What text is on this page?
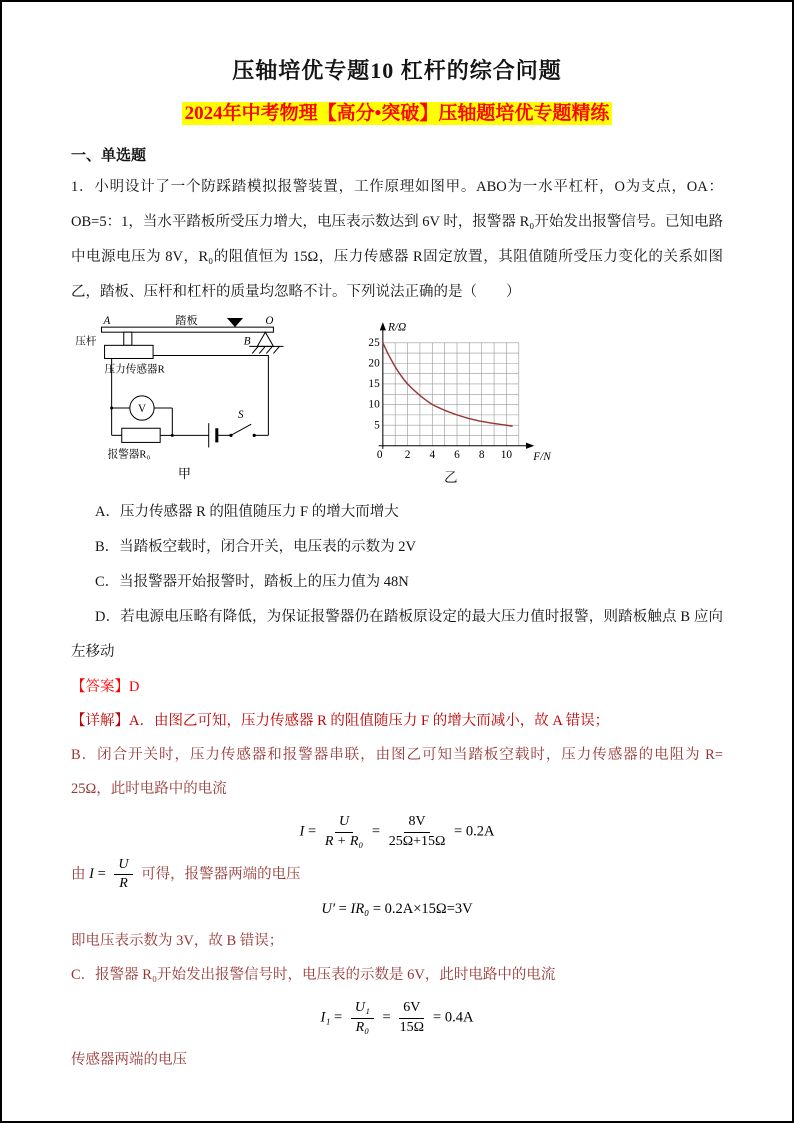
压轴培优专题10 杠杆的综合问题
2024年中考物理【高分•突破】压轴题培优专题精练
一、单选题

1．小明设计了一个防踩踏模拟报警装置，工作原理如图甲。ABO为一水平杠杆，O为支点，OA：OB=5：1，当水平踏板所受压力增大，电压表示数达到 6V 时，报警器 R₀开始发出报警信号。已知电路中电源电压为 8V，R₀的阻值恒为 15Ω，压力传感器 R固定放置，其阻值随所受压力变化的关系如图乙，踏板、压杆和杠杆的质量均忽略不计。下列说法正确的是（　　）

A	踏板	O
B
压杆
压力传感器R
V
S
报警器R₀
甲
R/Ω
F/N
25
20
15
10
5
0 2 4 6 8 10
乙

A．压力传感器 R 的阻值随压力 F 的增大而增大

B．当踏板空载时，闭合开关，电压表的示数为 2V

C．当报警器开始报警时，踏板上的压力值为 48N

D．若电源电压略有降低，为保证报警器仍在踏板原设定的最大压力值时报警，则踏板触点 B 应向左移动

【答案】D

【详解】A．由图乙可知，压力传感器 R 的阻值随压力 F 的增大而减小，故 A 错误；

B．闭合开关时，压力传感器和报警器串联，由图乙可知当踏板空载时，压力传感器的电阻为 R= 25Ω，此时电路中的电流

$I = \frac{U}{\text{R + R₀}} = \frac{8V}{25\Omega+15\Omega} = 0.2A$

由 $I = \frac{U}{R}$ 可得，报警器两端的电压

U′ = IR₀ = 0.2A×15Ω=3V

即电压表示数为 3V，故 B 错误；

C．报警器 R₀开始发出报警信号时，电压表的示数是 6V，此时电路中的电流

$I_1 = \frac{\text{U₁}}{\text{R₀}} = \frac{6V}{15\Omega} = 0.4A$

传感器两端的电压
